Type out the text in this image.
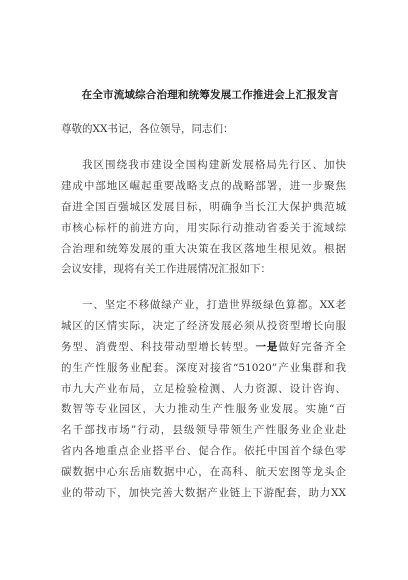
在全市流域综合治理和统筹发展工作推进会上汇报发言
尊敬的XX书记，各位领导，同志们：
我区围绕我市建设全国构建新发展格局先行区、加快
建成中部地区崛起重要战略支点的战略部署，进一步聚焦
奋进全国百强城区发展目标，明确争当长江大保护典范城
市核心标杆的前进方向，用实际行动推动省委关于流域综
合治理和统筹发展的重大决策在我区落地生根见效。根据
会议安排，现将有关工作进展情况汇报如下：
一、坚定不移做绿产业，打造世界级绿色算都。XX老
城区的区情实际，决定了经济发展必须从投资型增长向服
务型、消费型、科技带动型增长转型。一是做好完备齐全
的生产性服务业配套。深度对接省“51020”产业集群和我
市九大产业布局，立足检验检测、人力资源、设计咨询、
数智等专业园区，大力推动生产性服务业发展。实施“百
名千部找市场”行动，县级领导带领生产性服务业企业赴
省内各地重点企业搭平台、促合作。依托中国首个绿色零
碳数据中心东岳庙数据中心，在高科、航天宏图等龙头企
业的带动下，加快完善大数据产业链上下游配套，助力XX
